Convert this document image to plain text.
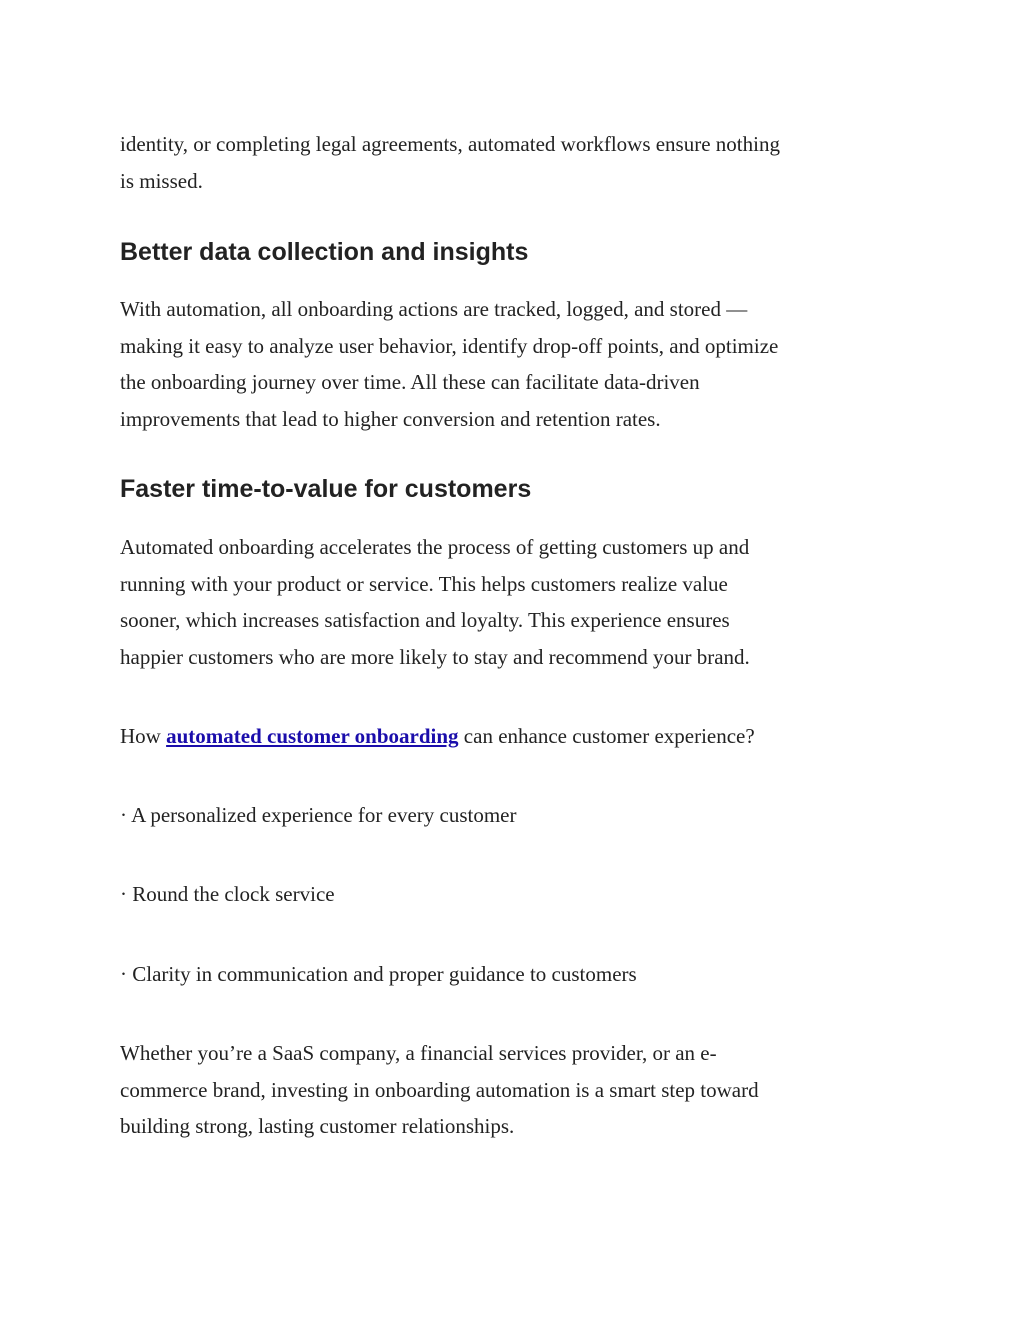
identity, or completing legal agreements, automated workflows ensure nothing
is missed.

Better data collection and insights

With automation, all onboarding actions are tracked, logged, and stored —
making it easy to analyze user behavior, identify drop-off points, and optimize
the onboarding journey over time. All these can facilitate data-driven
improvements that lead to higher conversion and retention rates.

Faster time-to-value for customers

Automated onboarding accelerates the process of getting customers up and
running with your product or service. This helps customers realize value
sooner, which increases satisfaction and loyalty. This experience ensures
happier customers who are more likely to stay and recommend your brand.

How automated customer onboarding can enhance customer experience?

· A personalized experience for every customer

· Round the clock service

· Clarity in communication and proper guidance to customers

Whether you’re a SaaS company, a financial services provider, or an e-
commerce brand, investing in onboarding automation is a smart step toward
building strong, lasting customer relationships.
